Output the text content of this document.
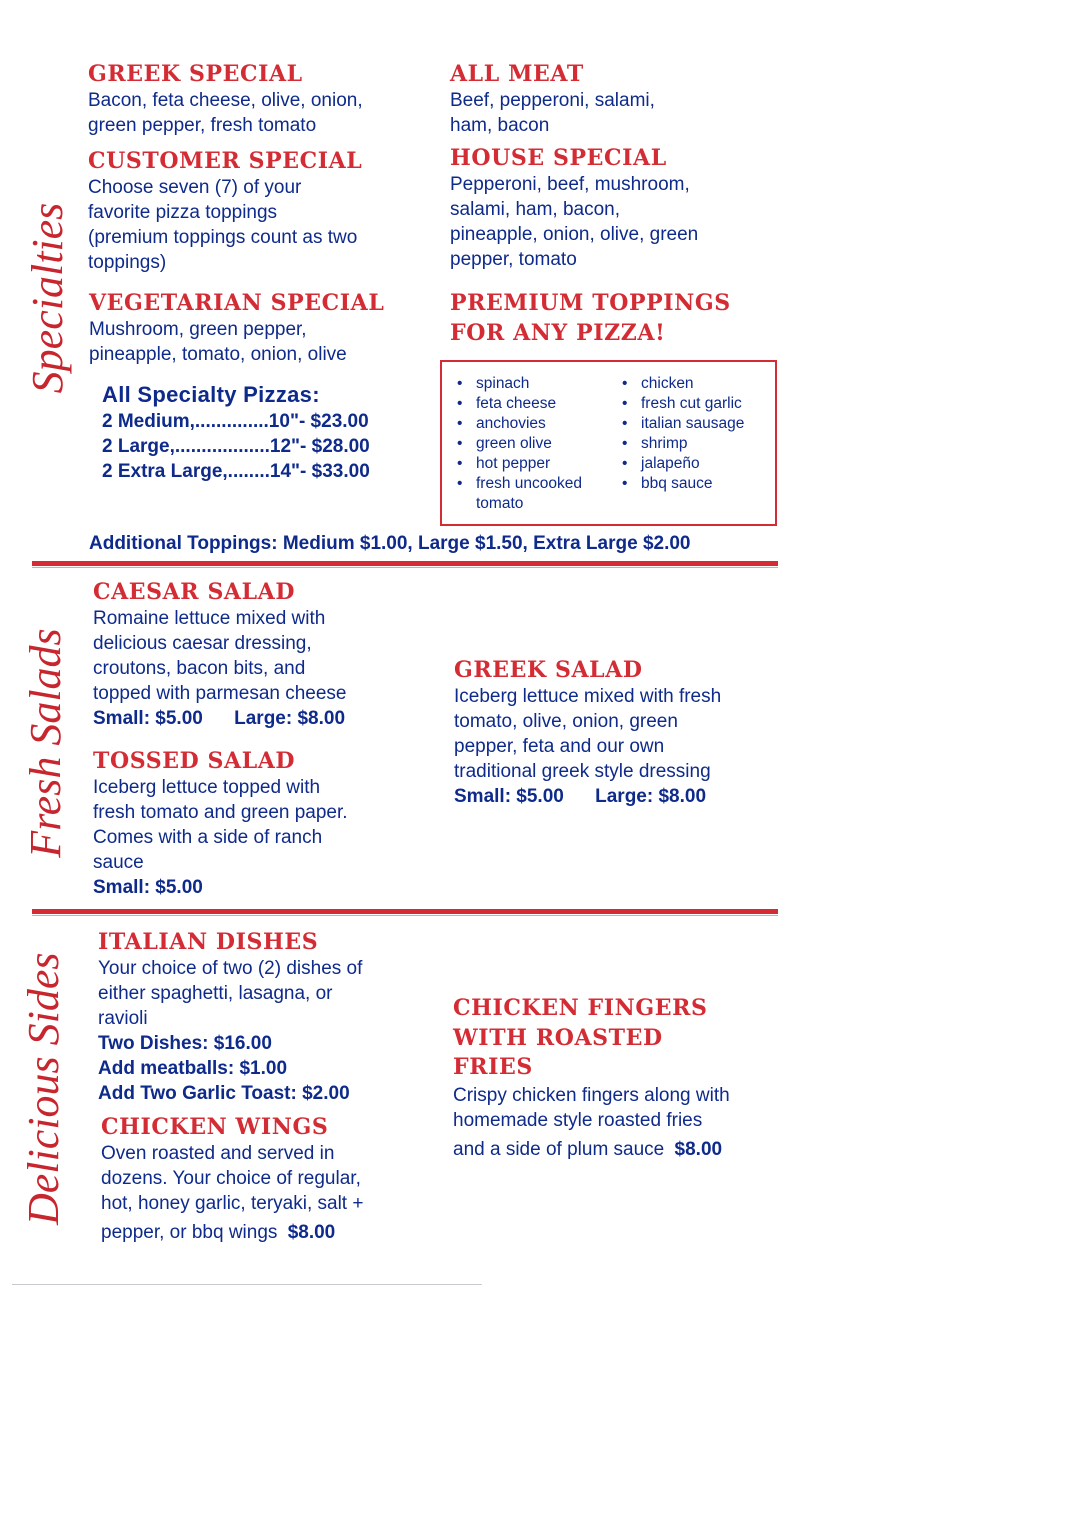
Specialties
Fresh Salads
Delicious Sides
GREEK SPECIAL
Bacon, feta cheese, olive, onion,
green pepper, fresh tomato
CUSTOMER SPECIAL
Choose seven (7) of your
favorite pizza toppings
(premium toppings count as two
toppings)
VEGETARIAN SPECIAL
Mushroom, green pepper,
pineapple, tomato, onion, olive
All Specialty Pizzas:
2 Medium,..............10"- $23.00
2 Large,..................12"- $28.00
2 Extra Large,........14"- $33.00
ALL MEAT
Beef, pepperoni, salami,
ham, bacon
HOUSE SPECIAL
Pepperoni, beef, mushroom,
salami, ham, bacon,
pineapple, onion, olive, green
pepper, tomato
PREMIUM TOPPINGS
FOR ANY PIZZA!
• spinach
• feta cheese
• anchovies
• green olive
• hot pepper
• fresh uncooked tomato
• chicken
• fresh cut garlic
• italian sausage
• shrimp
• jalapeño
• bbq sauce
Additional Toppings: Medium $1.00, Large $1.50, Extra Large $2.00
CAESAR SALAD
Romaine lettuce mixed with
delicious caesar dressing,
croutons, bacon bits, and
topped with parmesan cheese
Small: $5.00 Large: $8.00
TOSSED SALAD
Iceberg lettuce topped with
fresh tomato and green paper.
Comes with a side of ranch
sauce
Small: $5.00
GREEK SALAD
Iceberg lettuce mixed with fresh
tomato, olive, onion, green
pepper, feta and our own
traditional greek style dressing
Small: $5.00 Large: $8.00
ITALIAN DISHES
Your choice of two (2) dishes of
either spaghetti, lasagna, or
ravioli
Two Dishes: $16.00
Add meatballs: $1.00
Add Two Garlic Toast: $2.00
CHICKEN WINGS
Oven roasted and served in
dozens. Your choice of regular,
hot, honey garlic, teryaki, salt +
pepper, or bbq wings $8.00
CHICKEN FINGERS
WITH ROASTED
FRIES
Crispy chicken fingers along with
homemade style roasted fries
and a side of plum sauce $8.00
